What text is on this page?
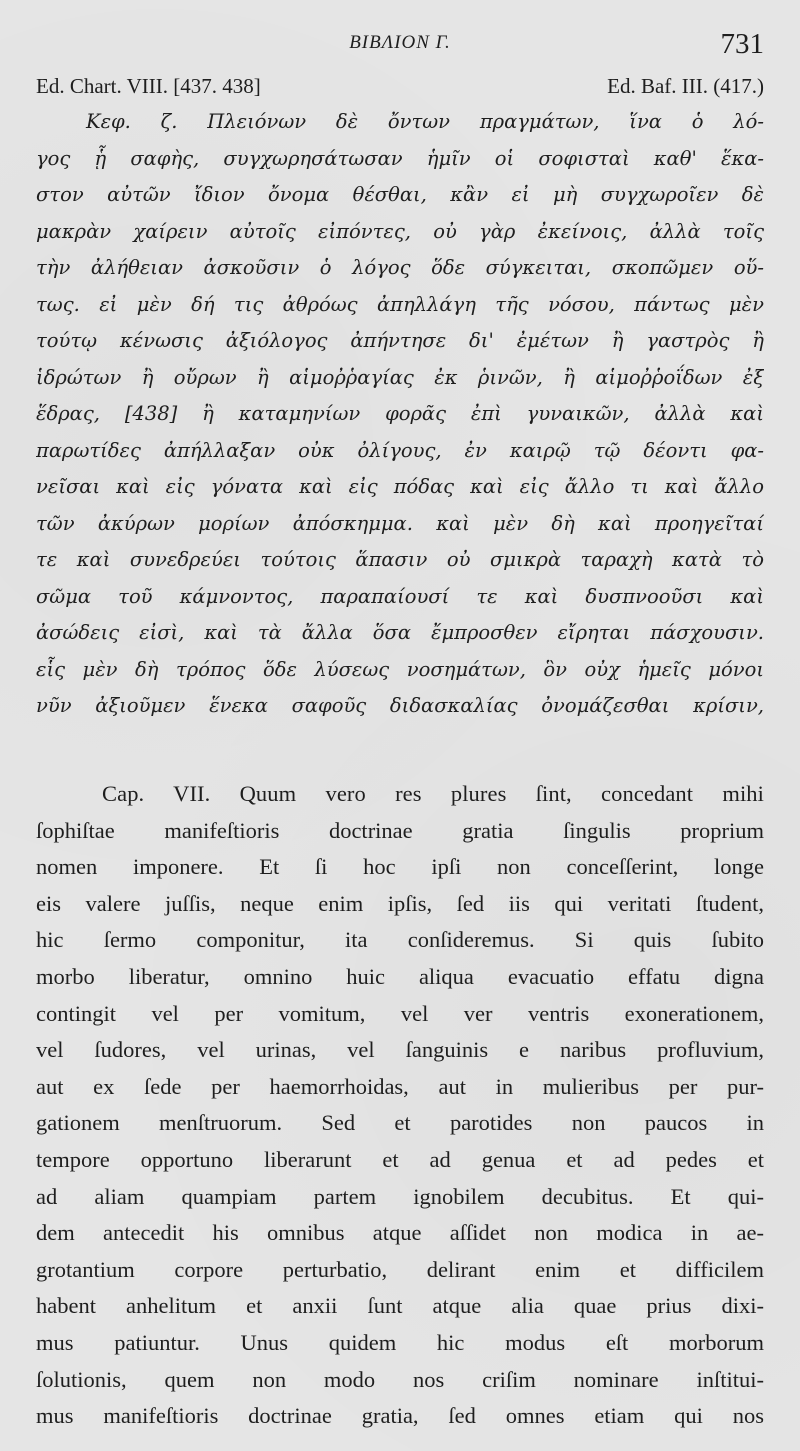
ΒΙΒΛΙΟΝ Γ.	731
Ed. Chart. VIII. [437. 438]	Ed. Baf. III. (417.)
Κεφ. ζ. Πλειόνων δὲ ὄντων πραγμάτων, ἵνα ὁ λό-
γος ᾗ σαφὴς, συγχωρησάτωσαν ἡμῖν οἱ σοφισταὶ καθ' ἕκα-
στον αὐτῶν ἴδιον ὄνομα θέσθαι, κἂν εἰ μὴ συγχωροῖεν δὲ
μακρὰν χαίρειν αὐτοῖς εἰπόντες, οὐ γὰρ ἐκείνοις, ἀλλὰ τοῖς
τὴν ἀλήθειαν ἀσκοῦσιν ὁ λόγος ὅδε σύγκειται, σκοπῶμεν οὕ-
τως. εἰ μὲν δή τις ἀθρόως ἀπηλλάγη τῆς νόσου, πάντως μὲν
τούτῳ κένωσις ἀξιόλογος ἀπήντησε δι' ἐμέτων ἢ γαστρὸς ἢ
ἱδρώτων ἢ οὔρων ἢ αἱμοῤῥαγίας ἐκ ῥινῶν, ἢ αἱμοῤῥοΐδων ἐξ
ἕδρας, [438] ἢ καταμηνίων φορᾶς ἐπὶ γυναικῶν, ἀλλὰ καὶ
παρωτίδες ἀπήλλαξαν οὐκ ὀλίγους, ἐν καιρῷ τῷ δέοντι φα-
νεῖσαι καὶ εἰς γόνατα καὶ εἰς πόδας καὶ εἰς ἄλλο τι καὶ ἄλλο
τῶν ἀκύρων μορίων ἀπόσκημμα. καὶ μὲν δὴ καὶ προηγεῖταί
τε καὶ συνεδρεύει τούτοις ἅπασιν οὐ σμικρὰ ταραχὴ κατὰ τὸ
σῶμα τοῦ κάμνοντος, παραπαίουσί τε καὶ δυσπνοοῦσι καὶ
ἀσώδεις εἰσὶ, καὶ τὰ ἄλλα ὅσα ἔμπροσθεν εἴρηται πάσχουσιν.
εἷς μὲν δὴ τρόπος ὅδε λύσεως νοσημάτων, ὃν οὐχ ἡμεῖς μόνοι
νῦν ἀξιοῦμεν ἕνεκα σαφοῦς διδασκαλίας ὀνομάζεσθαι κρίσιν,
Cap. VII. Quum vero res plures ſint, concedant mihi
ſophiſtae manifeſtioris doctrinae gratia ſingulis proprium
nomen imponere. Et ſi hoc ipſi non conceſſerint, longe
eis valere juſſis, neque enim ipſis, ſed iis qui veritati ſtudent,
hic ſermo componitur, ita conſideremus. Si quis ſubito
morbo liberatur, omnino huic aliqua evacuatio effatu digna
contingit vel per vomitum, vel ver ventris exonerationem,
vel ſudores, vel urinas, vel ſanguinis e naribus profluvium,
aut ex ſede per haemorrhoidas, aut in mulieribus per pur-
gationem menſtruorum. Sed et parotides non paucos in
tempore opportuno liberarunt et ad genua et ad pedes et
ad aliam quampiam partem ignobilem decubitus. Et qui-
dem antecedit his omnibus atque aſſidet non modica in ae-
grotantium corpore perturbatio, delirant enim et difficilem
habent anhelitum et anxii ſunt atque alia quae prius dixi-
mus patiuntur. Unus quidem hic modus eſt morborum
ſolutionis, quem non modo nos criſim nominare inſtitui-
mus manifeſtioris doctrinae gratia, ſed omnes etiam qui nos
